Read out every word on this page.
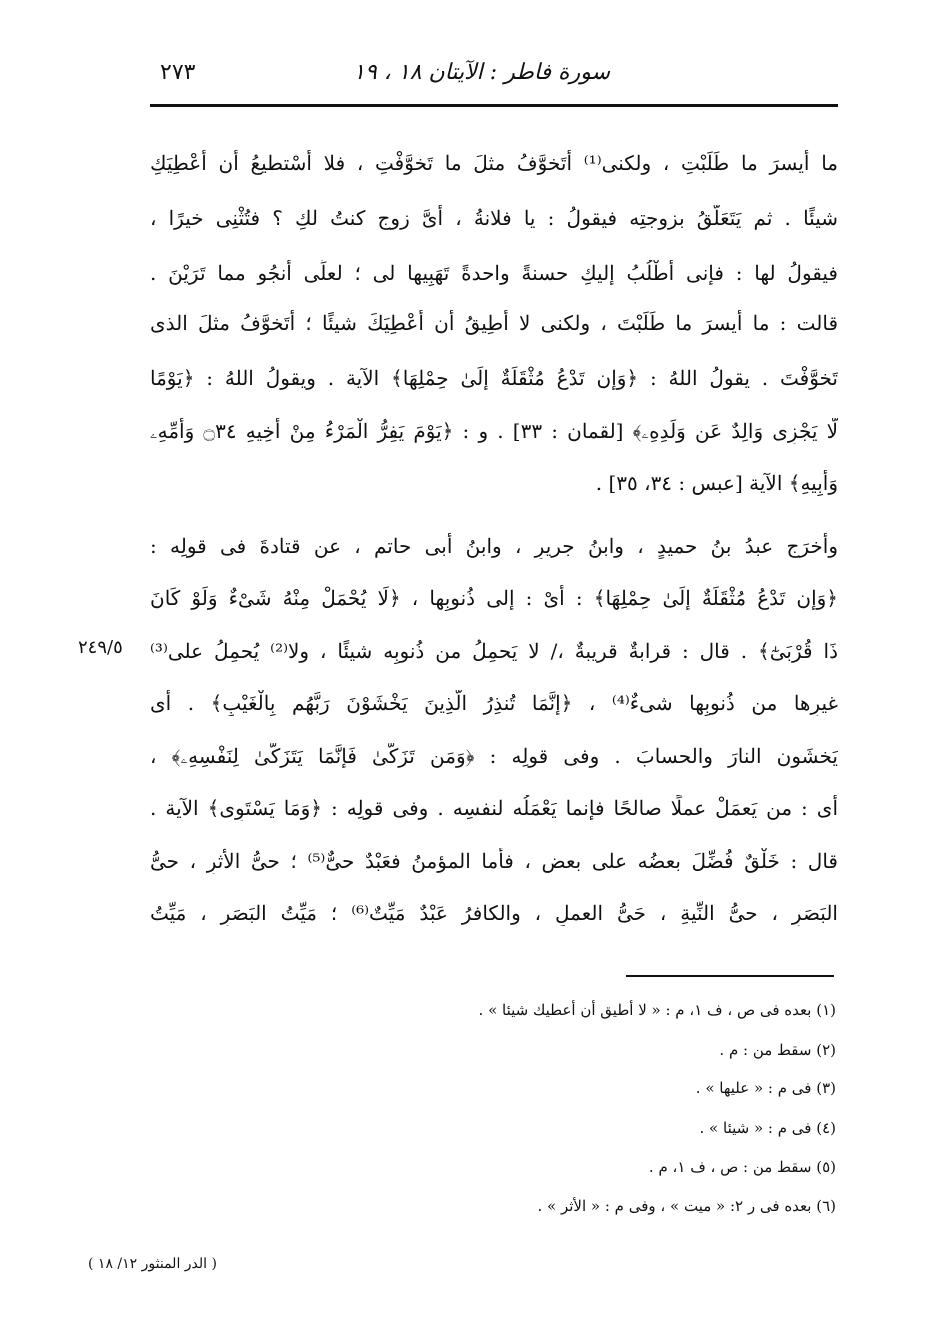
سورة فاطر : الآيتان ١٨ ، ١٩
٢٧٣
ما أيسرَ ما طَلَبْتِ ، ولكنى⁽¹⁾ أَتَخوَّفُ مثلَ ما تَخوَّفْتِ ، فلا أَسْتطيعُ أن أُعْطِيَكِ
شيئًا . ثم يَتَعَلَّقُ بزوجتِه فيقولُ : يا فلانةُ ، أَىَّ زوجٍ كنتُ لكِ ؟ فتُثْنِى خيرًا ،
فيقولُ لها : فإنى أَطْلُبُ إليكِ حسنةً واحدةً تَهَبِيها لى ؛ لعلِّى أَنجُو مما تَرَيْنَ .
قالت : ما أيسرَ ما طَلَبْتَ ، ولكنى لا أُطِيقُ أن أُعْطِيَكَ شيئًا ؛ أَتَخوَّفُ مثلَ الذى
تَخوَّفْتَ . يقولُ اللهُ : ﴿وَإِن تَدْعُ مُثْقَلَةٌ إِلَىٰ حِمْلِهَا﴾ الآية . ويقولُ اللهُ : ﴿يَوْمًا
لَّا يَجْزِى وَالِدٌ عَن وَلَدِهِۦ﴾ [لقمان : ٣٣] . و : ﴿يَوْمَ يَفِرُّ الْمَرْءُ مِنْ أَخِيهِ ۝٣٤ وَأُمِّهِۦ
وَأَبِيهِ﴾ الآية [عبس : ٣٤، ٣٥] .
وأخرَج عبدُ بنُ حميدٍ ، وابنُ جريرٍ ، وابنُ أبى حاتمٍ ، عن قتادةَ فى قولِه :
﴿وَإِن تَدْعُ مُثْقَلَةٌ إِلَىٰ حِمْلِهَا﴾ : أَىْ : إلى ذُنوبِها ، ﴿لَا يُحْمَلْ مِنْهُ شَىْءٌ وَلَوْ كَانَ
ذَا قُرْبَىٰٓ﴾ . قال : قرابةٌ قريبةٌ ،/ لا يَحمِلُ من ذُنوبِه شيئًا ، ولا⁽²⁾ يُحمِلُ على⁽³⁾
غيرِها من ذُنوبِها شىءٌ⁽⁴⁾ ، ﴿إِنَّمَا تُنذِرُ الَّذِينَ يَخْشَوْنَ رَبَّهُم بِالْغَيْبِ﴾ . أى
يَخشَون النارَ والحسابَ . وفى قولِه : ﴿وَمَن تَزَكَّىٰ فَإِنَّمَا يَتَزَكَّىٰ لِنَفْسِهِۦ﴾ ،
أى : من يَعمَلْ عملًا صالحًا فإنما يَعْمَلُه لنفسِه . وفى قولِه : ﴿وَمَا يَسْتَوِى﴾ الآية .
قال : خَلْقٌ فُضِّلَ بعضُه على بعضٍ ، فأما المؤمنُ فعَبْدٌ حىٌّ⁽⁵⁾ ؛ حىُّ الأثرِ ، حىُّ
البَصَرِ ، حىُّ النِّيةِ ، حَىُّ العملِ ، والكافرُ عَبْدٌ مَيِّتٌ⁽⁶⁾ ؛ مَيِّتُ البَصَرِ ، مَيِّتُ
٢٤٩/٥
(١) بعده فى ص ، ف ١، م : « لا أطيق أن أعطيك شيئا » .
(٢) سقط من : م .
(٣) فى م : « عليها » .
(٤) فى م : « شيئا » .
(٥) سقط من : ص ، ف ١، م .
(٦) بعده فى ر ٢: « ميت » ، وفى م : « الأثر » .
( الدر المنثور ١٢/ ١٨ )
